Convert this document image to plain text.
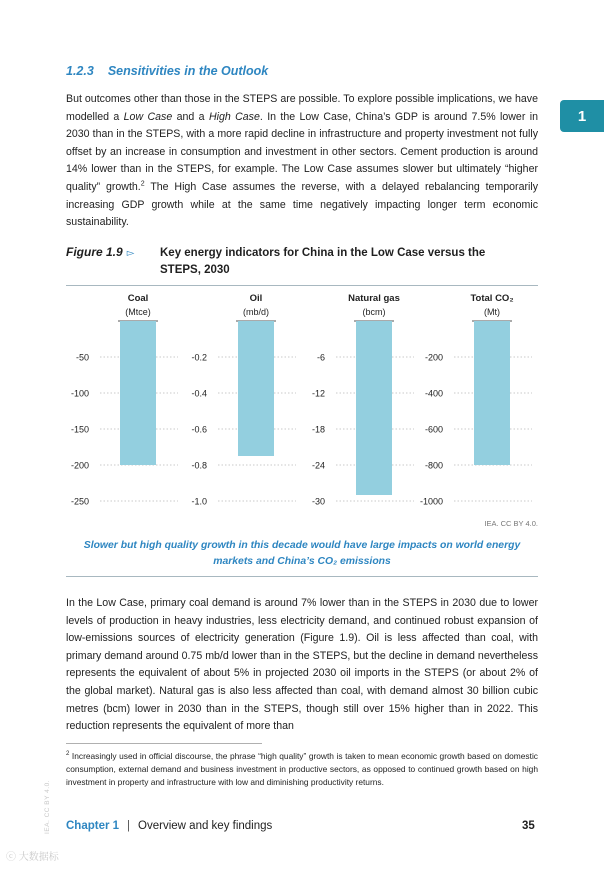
1.2.3 Sensitivities in the Outlook
1

But outcomes other than those in the STEPS are possible. To explore possible implications, we have modelled a Low Case and a High Case. In the Low Case, China’s GDP is around 7.5% lower in 2030 than in the STEPS, with a more rapid decline in infrastructure and property investment not fully offset by an increase in consumption and investment in other sectors. Cement production is around 14% lower than in the STEPS, for example. The Low Case assumes slower but ultimately “higher quality” growth.$^2$ The High Case assumes the reverse, with a delayed rebalancing temporarily increasing GDP growth while at the same time negatively impacting longer term economic sustainability.

Figure 1.9 ▻ Key energy indicators for China in the Low Case versus the STEPS, 2030
Coal
(Mtce)
-50
-100
-150
-200
-250
Oil
(mb/d)
-0.2
-0.4
-0.6
-0.8
-1.0
Natural gas
(bcm)
-6
-12
-18
-24
-30
Total CO₂
(Mt)
-200
-400
-600
-800
-1000
IEA. CC BY 4.0.
Slower but high quality growth in this decade would have large impacts on world energy markets and China’s CO₂ emissions

In the Low Case, primary coal demand is around 7% lower than in the STEPS in 2030 due to lower levels of production in heavy industries, less electricity demand, and continued robust expansion of low-emissions sources of electricity generation (Figure 1.9). Oil is less affected than coal, with primary demand around 0.75 mb/d lower than in the STEPS, but the decline in demand nevertheless represents the equivalent of about 5% in projected 2030 oil imports in the STEPS (or about 2% of the global market). Natural gas is also less affected than coal, with demand almost 30 billion cubic metres (bcm) lower in 2030 than in the STEPS, though still over 15% higher than in 2022. This reduction represents the equivalent of more than

$^2$ Increasingly used in official discourse, the phrase “high quality” growth is taken to mean economic growth based on domestic consumption, external demand and business investment in productive sectors, as opposed to continued growth based on high investment in property and infrastructure with low and diminishing productivity returns.
IEA. CC BY 4.0.	Chapter 1 | Overview and key findings	35
ⓒ 大数据标
